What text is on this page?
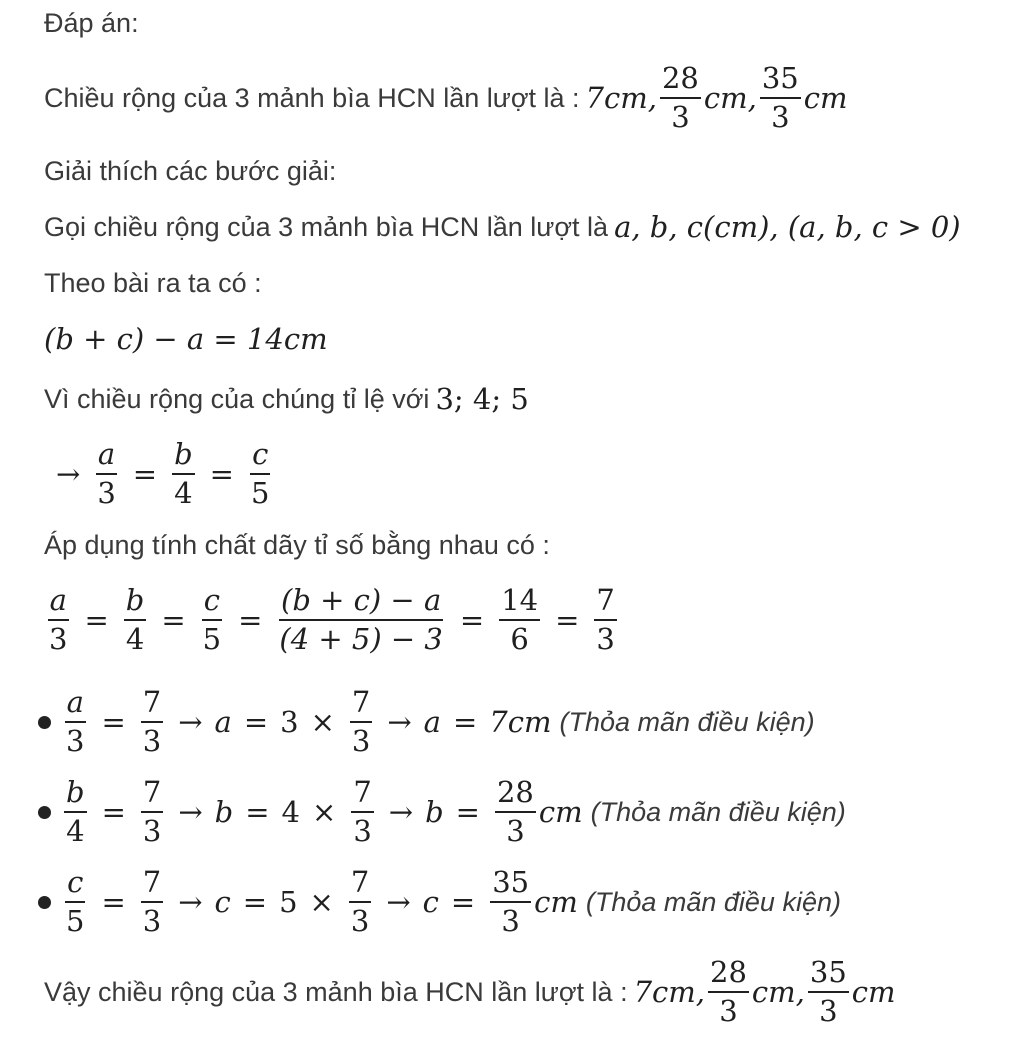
Đáp án:
Chiều rộng của 3 mảnh bìa HCN lần lượt là : 7cm, $\frac{28}{3}$ cm, $\frac{35}{3}$ cm
Giải thích các bước giải:
Gọi chiều rộng của 3 mảnh bìa HCN lần lượt là a, b, c(cm), (a, b, c > 0)
Theo bài ra ta có :
(b + c) − a = 14cm
Vì chiều rộng của chúng tỉ lệ với 3; 4; 5
→ $\frac{a}{3} = \frac{b}{4} = \frac{c}{5}$
Áp dụng tính chất dãy tỉ số bằng nhau có :
$\frac{a}{3} = \frac{b}{4} = \frac{c}{5} = \frac{(b + c) - a}{(4 + 5) - 3} = \frac{14}{6} = \frac{7}{3}$
$\frac{a}{3} = \frac{7}{3} \to a = 3 \times \frac{7}{3} \to a = 7cm$ (Thỏa mãn điều kiện)
$\frac{b}{4} = \frac{7}{3} \to b = 4 \times \frac{7}{3} \to b = \frac{28}{3}$ cm (Thỏa mãn điều kiện)
$\frac{c}{5} = \frac{7}{3} \to c = 5 \times \frac{7}{3} \to c = \frac{35}{3}$ cm (Thỏa mãn điều kiện)
Vậy chiều rộng của 3 mảnh bìa HCN lần lượt là : 7cm, $\frac{28}{3}$ cm, $\frac{35}{3}$ cm
